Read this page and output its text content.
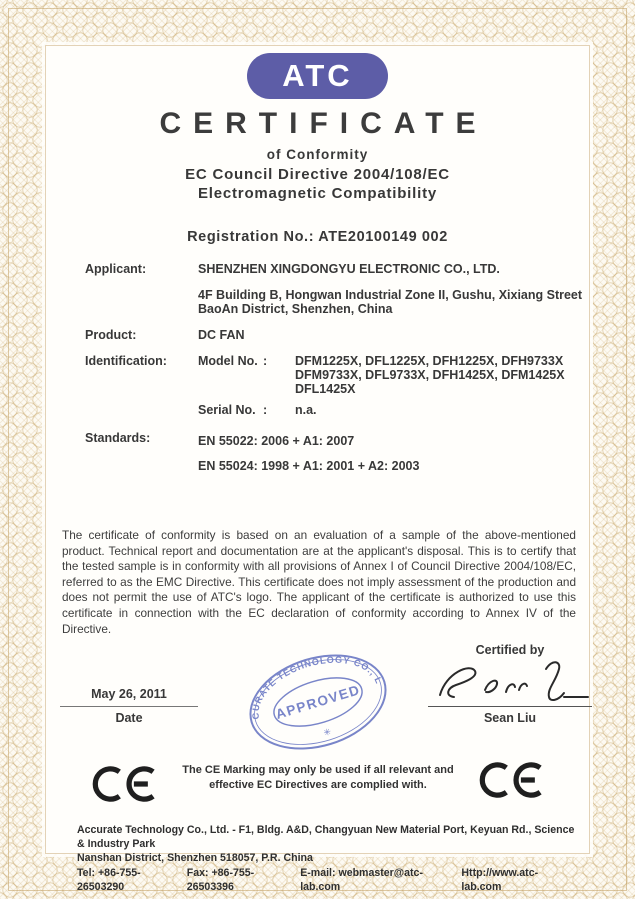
ATC
CERTIFICATE
of Conformity
EC Council Directive 2004/108/EC
Electromagnetic Compatibility
Registration No.: ATE20100149 002
Applicant:	SHENZHEN XINGDONGYU ELECTRONIC CO., LTD.
4F Building B, Hongwan Industrial Zone II, Gushu, Xixiang Street
BaoAn District, Shenzhen, China
Product:	DC FAN
Identification: Model No. : DFM1225X, DFL1225X, DFH1225X, DFH9733X
DFM9733X, DFL9733X, DFH1425X, DFM1425X
DFL1425X
Serial No. : n.a.
Standards:	EN 55022: 2006 + A1: 2007
EN 55024: 1998 + A1: 2001 + A2: 2003
The certificate of conformity is based on an evaluation of a sample of the above-mentioned product. Technical report and documentation are at the applicant's disposal. This is to certify that the tested sample is in conformity with all provisions of Annex I of Council Directive 2004/108/EC, referred to as the EMC Directive. This certificate does not imply assessment of the production and does not permit the use of ATC's logo. The applicant of the certificate is authorized to use this certificate in connection with the EC declaration of conformity according to Annex IV of the Directive.
Certified by
ACCURATE TECHNOLOGY CO., LTD
APPROVED
✳
May 26, 2011
Date	Sean Liu
The CE Marking may only be used if all relevant and
effective EC Directives are complied with.
Accurate Technology Co., Ltd. - F1, Bldg. A&D, Changyuan New Material Port, Keyuan Rd., Science & Industry Park
Nanshan District, Shenzhen 518057, P.R. China
Tel: +86-755-26503290
Fax: +86-755-26503396
E-mail: webmaster@atc-lab.com
Http://www.atc-lab.com
